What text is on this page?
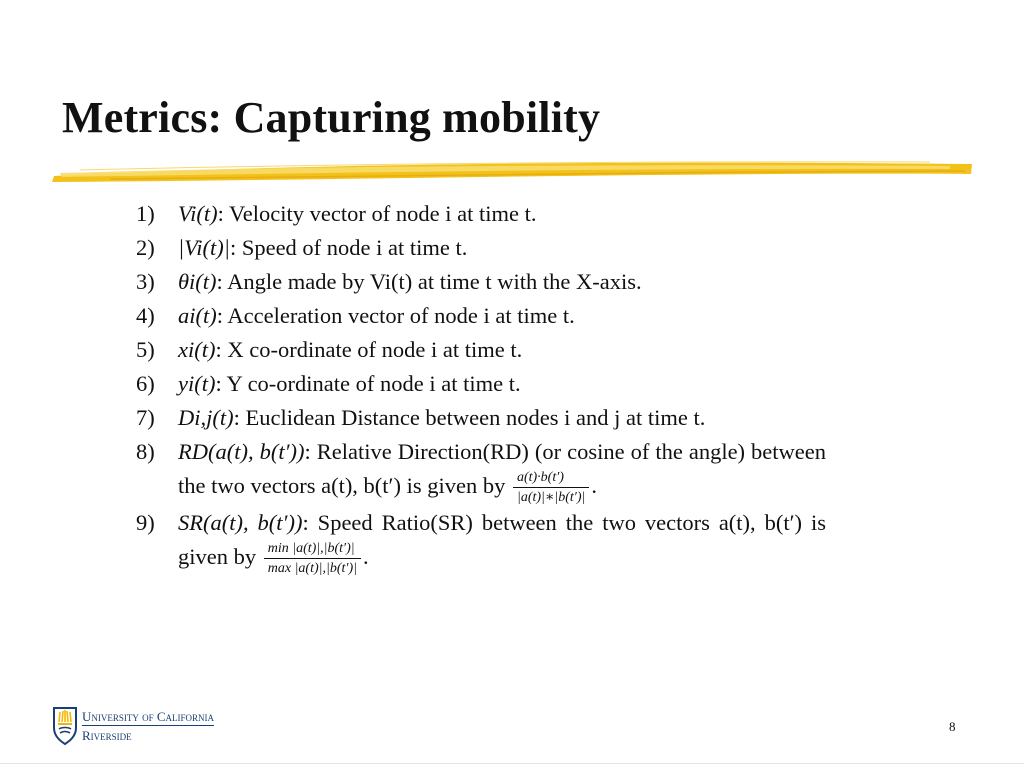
Metrics: Capturing mobility
1) Vi(t): Velocity vector of node i at time t.
2) |Vi(t)|: Speed of node i at time t.
3) θi(t): Angle made by Vi(t) at time t with the X-axis.
4) ai(t): Acceleration vector of node i at time t.
5) xi(t): X co-ordinate of node i at time t.
6) yi(t): Y co-ordinate of node i at time t.
7) Di,j(t): Euclidean Distance between nodes i and j at time t.
8) RD(a(t), b(t′)): Relative Direction(RD) (or cosine of the angle) between the two vectors a(t), b(t′) is given by $\frac{a(t)\cdot b(t')}{|a(t)|∗|b(t')|}$ .
9) SR(a(t), b(t′)): Speed Ratio(SR) between the two vectors a(t), b(t′) is given by $\frac{\min |a(t)|,|b(t')|}{\max |a(t)|,|b(t')|}$ .
University of California
Riverside
8
